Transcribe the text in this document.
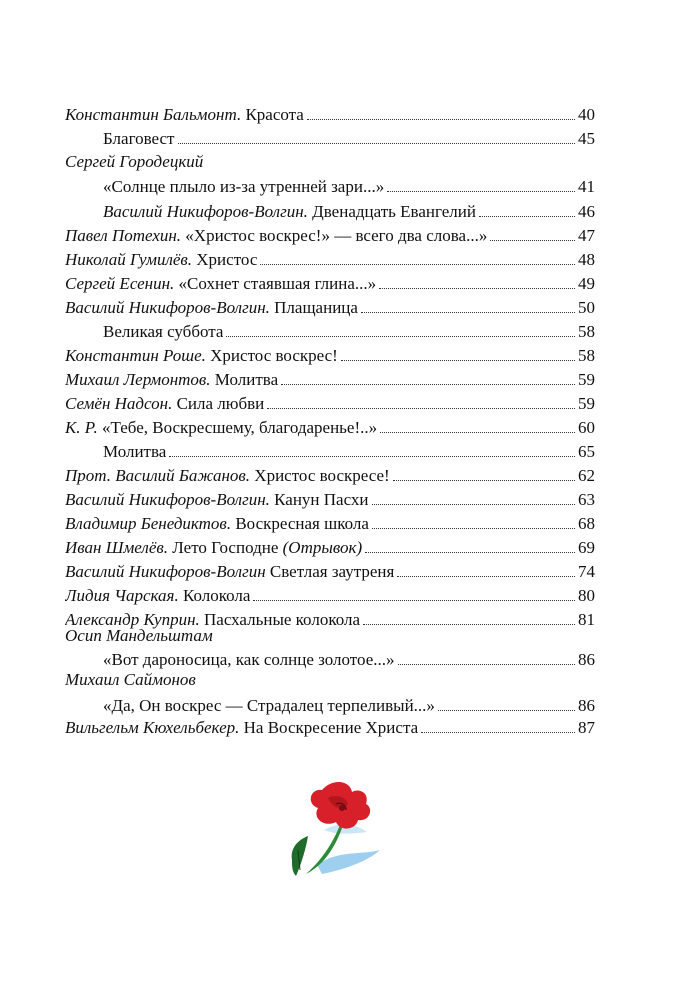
Константин Бальмонт. Красота	40
Благовест	45
Сергей Городецкий
«Солнце плыло из-за утренней зари...»	41
Василий Никифоров-Волгин. Двенадцать Евангелий	46
Павел Потехин. «Христос воскрес!» — всего два слова...»	47
Николай Гумилёв. Христос	48
Сергей Есенин. «Сохнет стаявшая глина...»	49
Василий Никифоров-Волгин. Плащаница	50
Великая суббота	58
Константин Роше. Христос воскрес!	58
Михаил Лермонтов. Молитва	59
Семён Надсон. Сила любви	59
К. Р. «Тебе, Воскресшему, благодаренье!..»	60
Молитва	65
Прот. Василий Бажанов. Христос воскресе!	62
Василий Никифоров-Волгин. Канун Пасхи	63
Владимир Бенедиктов. Воскресная школа	68
Иван Шмелёв. Лето Господне (Отрывок)	69
Василий Никифоров-Волгин Светлая заутреня	74
Лидия Чарская. Колокола	80
Александр Куприн. Пасхальные колокола	81
Осип Мандельштам
«Вот дароносица, как солнце золотое...»	86
Михаил Саймонов
«Да, Он воскрес — Страдалец терпеливый...»	86
Вильгельм Кюхельбекер. На Воскресение Христа	87
